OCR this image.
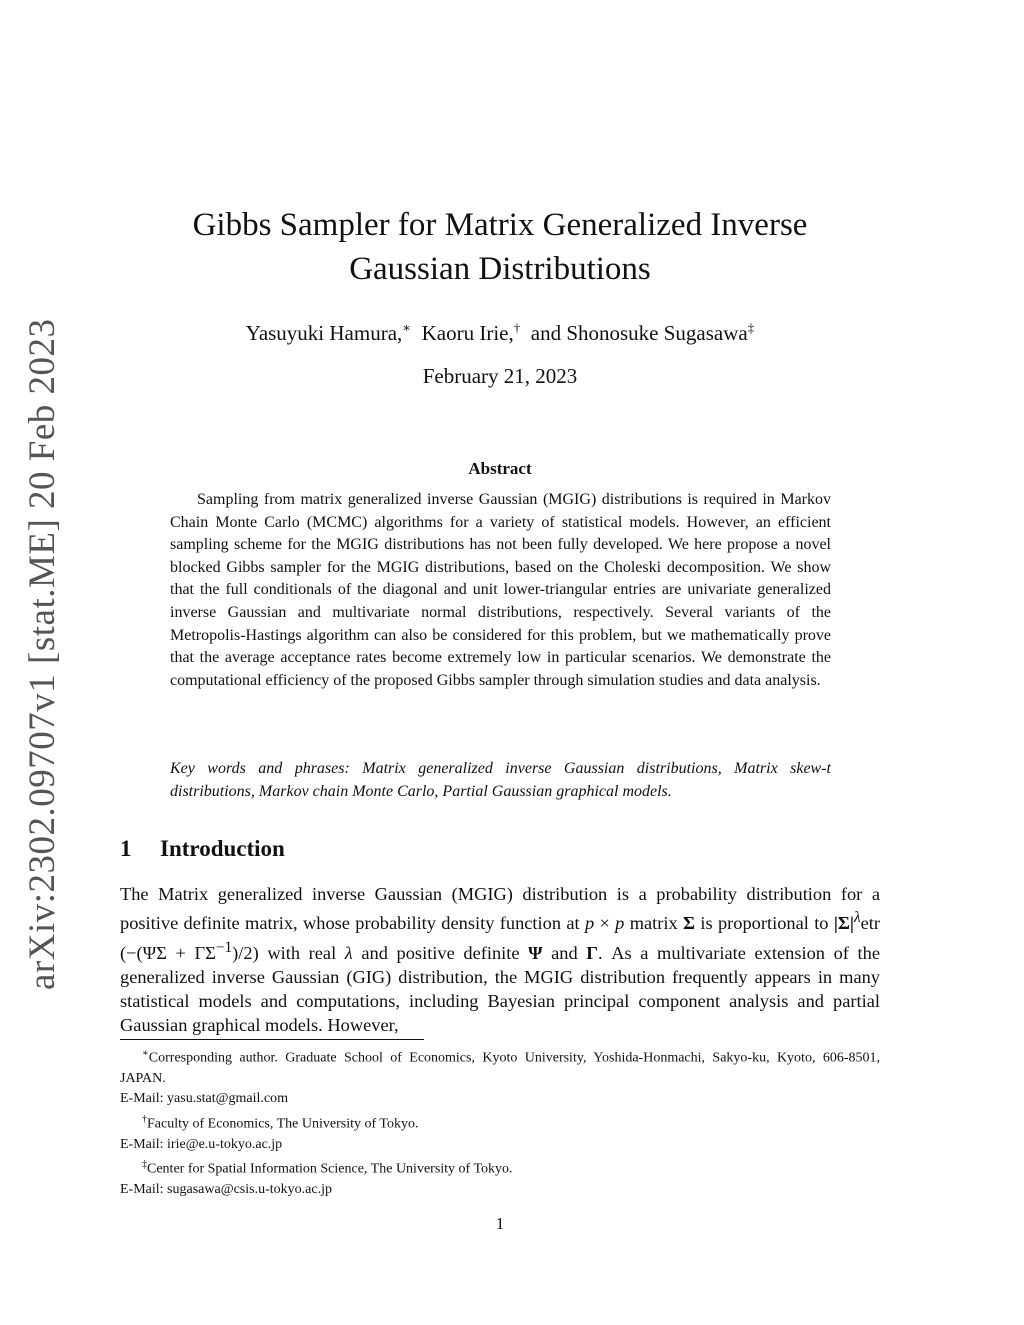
arXiv:2302.09707v1 [stat.ME] 20 Feb 2023
Gibbs Sampler for Matrix Generalized Inverse
Gaussian Distributions
Yasuyuki Hamura,∗ Kaoru Irie,† and Shonosuke Sugasawa‡
February 21, 2023
Abstract

Sampling from matrix generalized inverse Gaussian (MGIG) distributions is required in Markov Chain Monte Carlo (MCMC) algorithms for a variety of statistical models. However, an efficient sampling scheme for the MGIG distributions has not been fully developed. We here propose a novel blocked Gibbs sampler for the MGIG distributions, based on the Choleski decomposition. We show that the full conditionals of the diagonal and unit lower-triangular entries are univariate generalized inverse Gaussian and multivariate normal distributions, respectively. Several variants of the Metropolis-Hastings algorithm can also be considered for this problem, but we mathematically prove that the average acceptance rates become extremely low in particular scenarios. We demonstrate the computational efficiency of the proposed Gibbs sampler through simulation studies and data analysis.

Key words and phrases: Matrix generalized inverse Gaussian distributions, Matrix skew-t distributions, Markov chain Monte Carlo, Partial Gaussian graphical models.

1 Introduction

The Matrix generalized inverse Gaussian (MGIG) distribution is a probability distribution for a positive definite matrix, whose probability density function at p × p matrix Σ is proportional to $|\Sigma|^\lambda etr$ $(-(\Psi\Sigma + \Gamma\Sigma^{-1})/2)$ with real λ and positive definite Ψ and Γ. As a multivariate extension of the generalized inverse Gaussian (GIG) distribution, the MGIG distribution frequently appears in many statistical models and computations, including Bayesian principal component analysis and partial Gaussian graphical models. However,

∗Corresponding author. Graduate School of Economics, Kyoto University, Yoshida-Honmachi, Sakyo-ku, Kyoto, 606-8501, JAPAN.

E-Mail: yasu.stat@gmail.com

†Faculty of Economics, The University of Tokyo.

E-Mail: irie@e.u-tokyo.ac.jp

‡Center for Spatial Information Science, The University of Tokyo.

E-Mail: sugasawa@csis.u-tokyo.ac.jp

1
